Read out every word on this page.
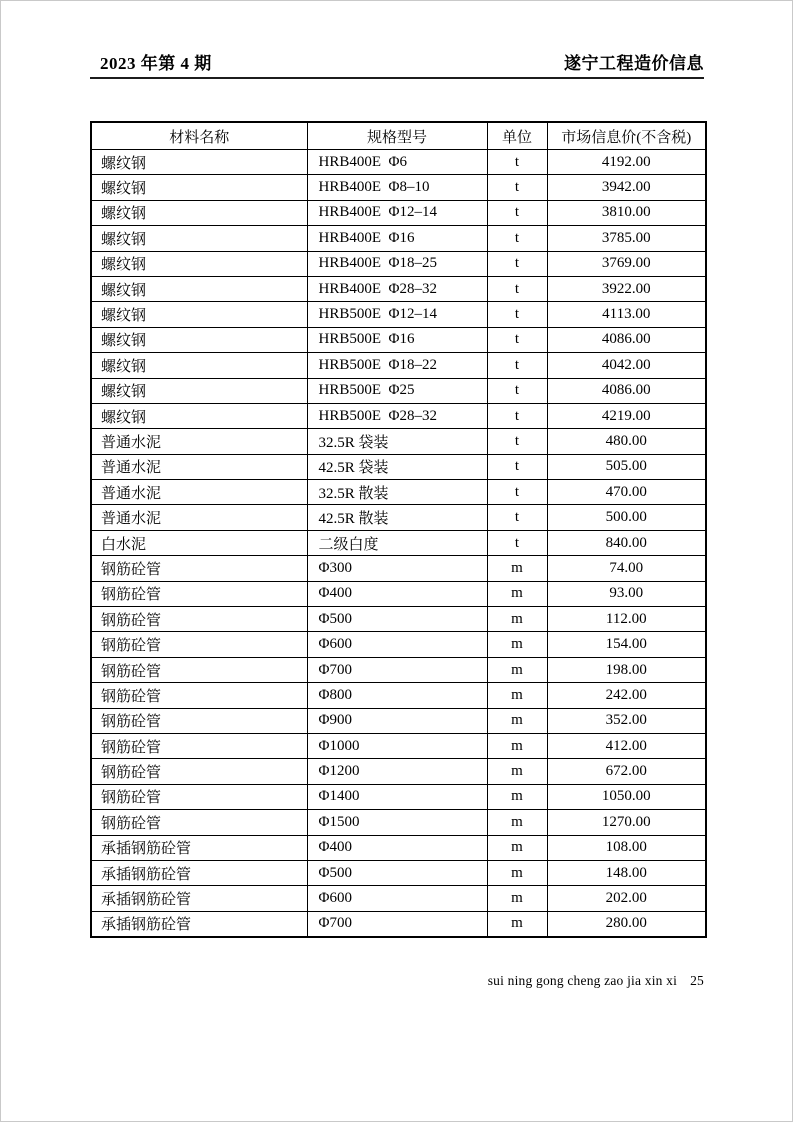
2023 年第 4 期	遂宁工程造价信息
材料名称	规格型号	单位	市场信息价(不含税)
螺纹钢	HRB400E  Φ6	t	4192.00
螺纹钢	HRB400E  Φ8–10	t	3942.00
螺纹钢	HRB400E  Φ12–14	t	3810.00
螺纹钢	HRB400E  Φ16	t	3785.00
螺纹钢	HRB400E  Φ18–25	t	3769.00
螺纹钢	HRB400E  Φ28–32	t	3922.00
螺纹钢	HRB500E  Φ12–14	t	4113.00
螺纹钢	HRB500E  Φ16	t	4086.00
螺纹钢	HRB500E  Φ18–22	t	4042.00
螺纹钢	HRB500E  Φ25	t	4086.00
螺纹钢	HRB500E  Φ28–32	t	4219.00
普通水泥	32.5R 袋装	t	480.00
普通水泥	42.5R 袋装	t	505.00
普通水泥	32.5R 散装	t	470.00
普通水泥	42.5R 散装	t	500.00
白水泥	二级白度	t	840.00
钢筋砼管	Φ300	m	74.00
钢筋砼管	Φ400	m	93.00
钢筋砼管	Φ500	m	112.00
钢筋砼管	Φ600	m	154.00
钢筋砼管	Φ700	m	198.00
钢筋砼管	Φ800	m	242.00
钢筋砼管	Φ900	m	352.00
钢筋砼管	Φ1000	m	412.00
钢筋砼管	Φ1200	m	672.00
钢筋砼管	Φ1400	m	1050.00
钢筋砼管	Φ1500	m	1270.00
承插钢筋砼管	Φ400	m	108.00
承插钢筋砼管	Φ500	m	148.00
承插钢筋砼管	Φ600	m	202.00
承插钢筋砼管	Φ700	m	280.00
sui ning gong cheng zao jia xin xi 25
